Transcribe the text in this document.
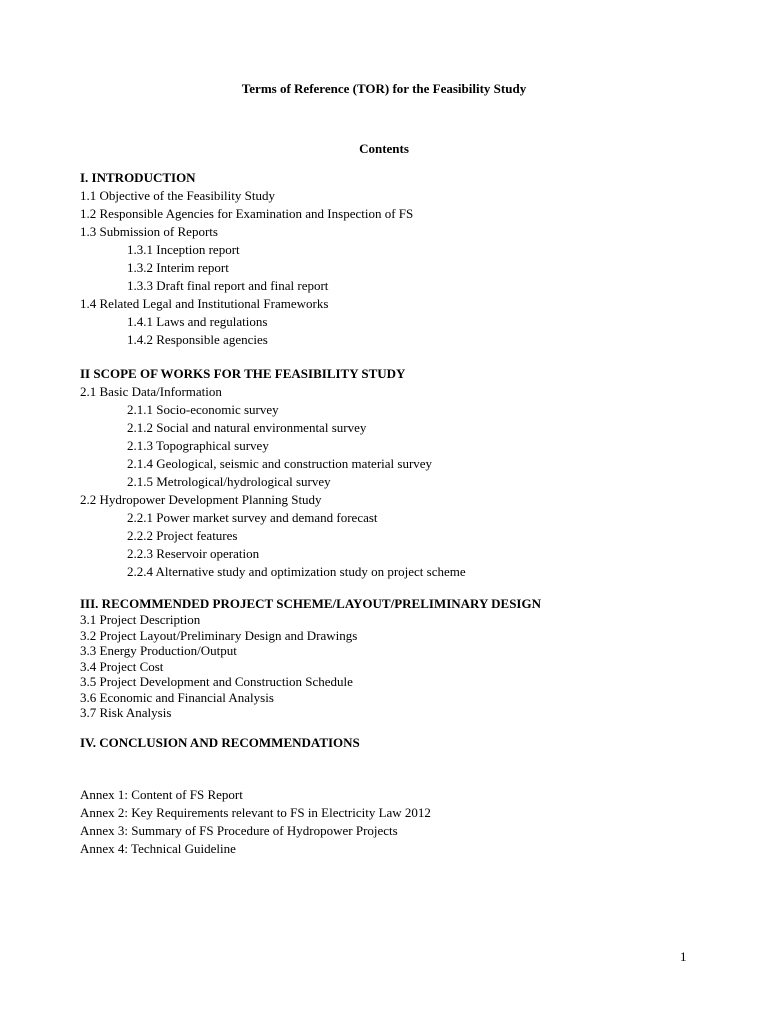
Terms of Reference (TOR) for the Feasibility Study
Contents
I. INTRODUCTION
1.1 Objective of the Feasibility Study
1.2 Responsible Agencies for Examination and Inspection of FS
1.3 Submission of Reports
1.3.1 Inception report
1.3.2 Interim report
1.3.3 Draft final report and final report
1.4 Related Legal and Institutional Frameworks
1.4.1 Laws and regulations
1.4.2 Responsible agencies
II SCOPE OF WORKS FOR THE FEASIBILITY STUDY
2.1 Basic Data/Information
2.1.1 Socio-economic survey
2.1.2 Social and natural environmental survey
2.1.3 Topographical survey
2.1.4 Geological, seismic and construction material survey
2.1.5 Metrological/hydrological survey
2.2 Hydropower Development Planning Study
2.2.1 Power market survey and demand forecast
2.2.2 Project features
2.2.3 Reservoir operation
2.2.4 Alternative study and optimization study on project scheme
III. RECOMMENDED PROJECT SCHEME/LAYOUT/PRELIMINARY DESIGN
3.1 Project Description
3.2 Project Layout/Preliminary Design and Drawings
3.3 Energy Production/Output
3.4 Project Cost
3.5 Project Development and Construction Schedule
3.6 Economic and Financial Analysis
3.7 Risk Analysis
IV. CONCLUSION AND RECOMMENDATIONS
Annex 1: Content of FS Report
Annex 2: Key Requirements relevant to FS in Electricity Law 2012
Annex 3: Summary of FS Procedure of Hydropower Projects
Annex 4: Technical Guideline
1
